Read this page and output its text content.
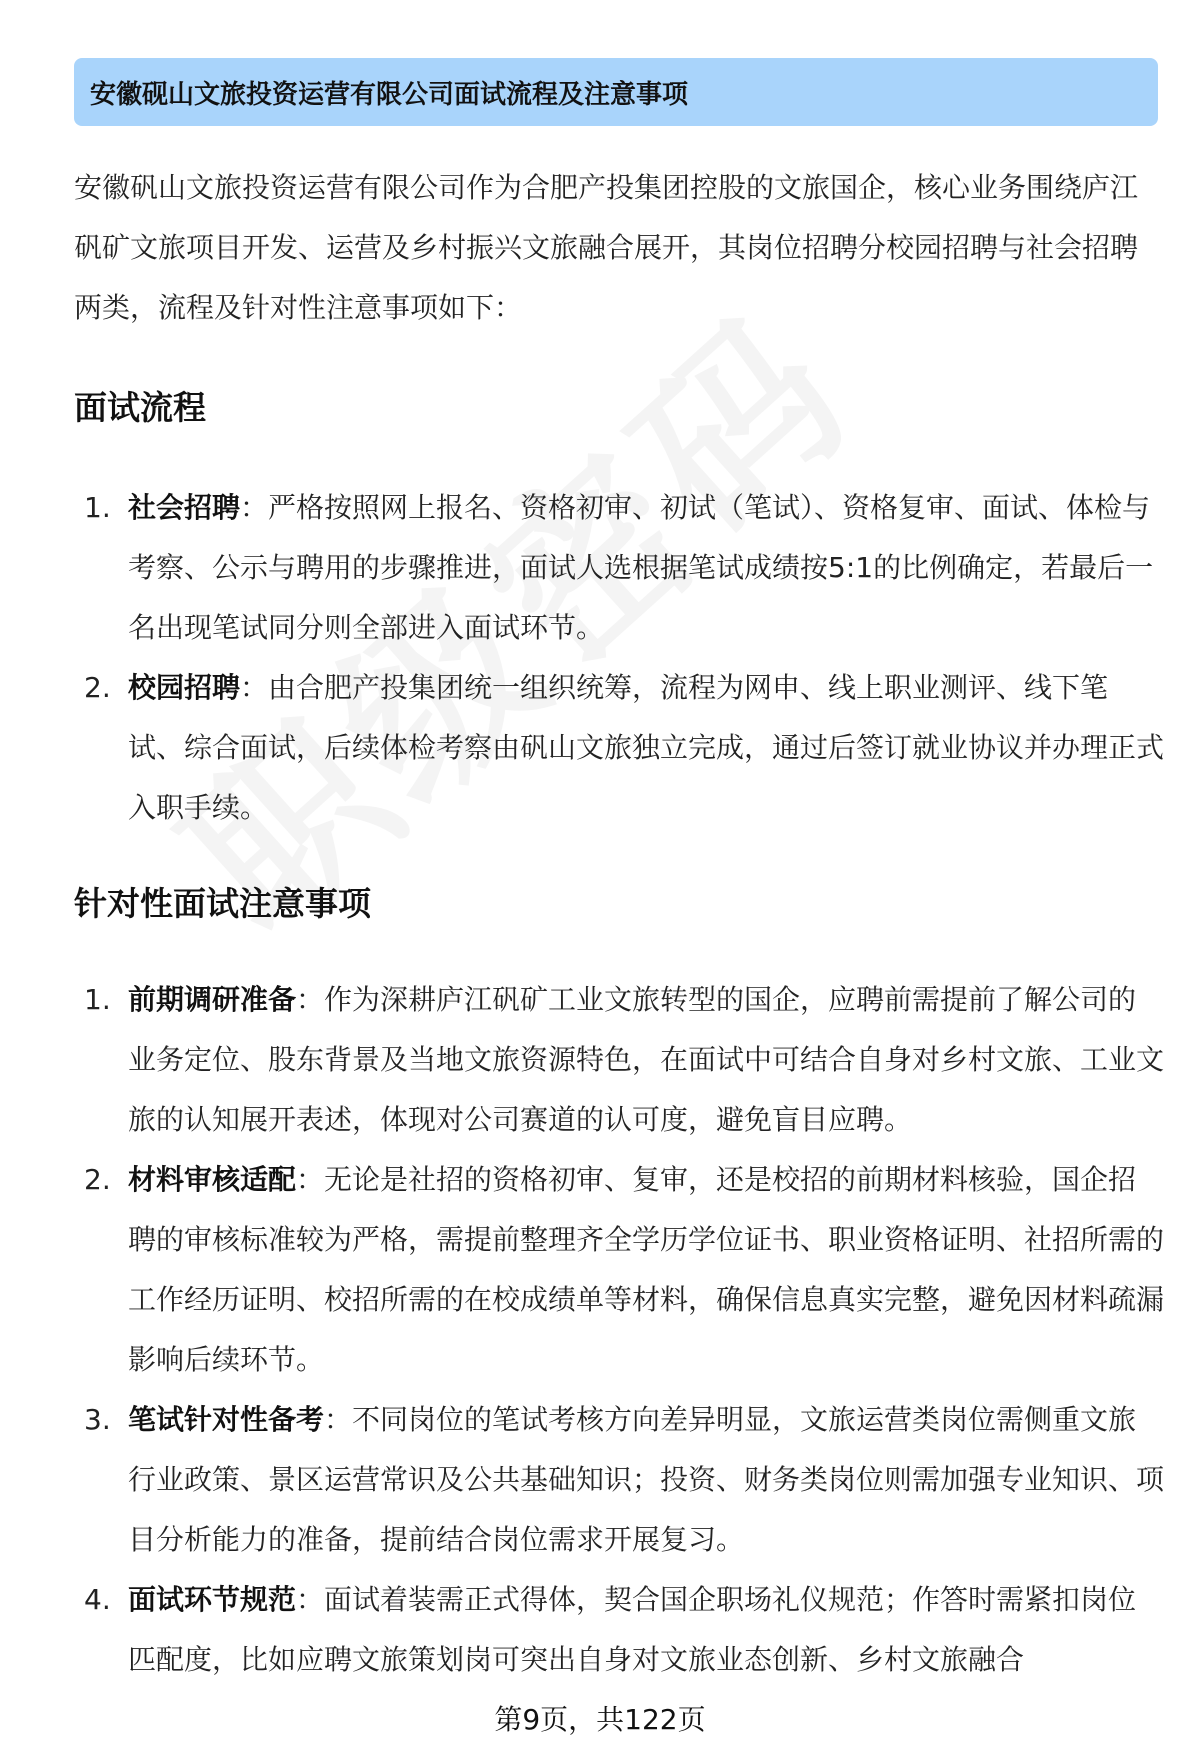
安徽砚山文旅投资运营有限公司面试流程及注意事项

安徽矾山文旅投资运营有限公司作为合肥产投集团控股的文旅国企，核心业务围绕庐江矾矿文旅项目开发、运营及乡村振兴文旅融合展开，其岗位招聘分校园招聘与社会招聘两类，流程及针对性注意事项如下：

面试流程
1. 社会招聘：严格按照网上报名、资格初审、初试（笔试）、资格复审、面试、体检与考察、公示与聘用的步骤推进，面试人选根据笔试成绩按5:1的比例确定，若最后一名出现笔试同分则全部进入面试环节。
2. 校园招聘：由合肥产投集团统一组织统筹，流程为网申、线上职业测评、线下笔试、综合面试，后续体检考察由矾山文旅独立完成，通过后签订就业协议并办理正式入职手续。
针对性面试注意事项
1. 前期调研准备：作为深耕庐江矾矿工业文旅转型的国企，应聘前需提前了解公司的业务定位、股东背景及当地文旅资源特色，在面试中可结合自身对乡村文旅、工业文旅的认知展开表述，体现对公司赛道的认可度，避免盲目应聘。
2. 材料审核适配：无论是社招的资格初审、复审，还是校招的前期材料核验，国企招聘的审核标准较为严格，需提前整理齐全学历学位证书、职业资格证明、社招所需的工作经历证明、校招所需的在校成绩单等材料，确保信息真实完整，避免因材料疏漏影响后续环节。
3. 笔试针对性备考：不同岗位的笔试考核方向差异明显，文旅运营类岗位需侧重文旅行业政策、景区运营常识及公共基础知识；投资、财务类岗位则需加强专业知识、项目分析能力的准备，提前结合岗位需求开展复习。
4. 面试环节规范：面试着装需正式得体，契合国企职场礼仪规范；作答时需紧扣岗位匹配度，比如应聘文旅策划岗可突出自身对文旅业态创新、乡村文旅融合
第9页，共122页
